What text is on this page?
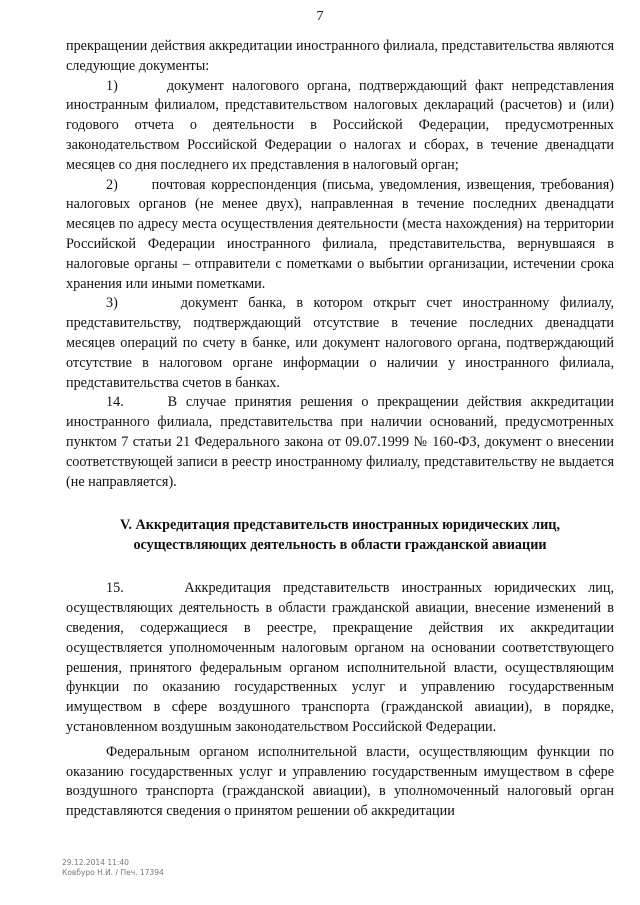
7

прекращении действия аккредитации иностранного филиала, представительства являются следующие документы:

1)      документ налогового органа, подтверждающий факт непредставления иностранным филиалом, представительством налоговых деклараций (расчетов) и (или) годового отчета о деятельности в Российской Федерации, предусмотренных законодательством Российской Федерации о налогах и сборах, в течение двенадцати месяцев со дня последнего их представления в налоговый орган;

2)      почтовая корреспонденция (письма, уведомления, извещения, требования) налоговых органов (не менее двух), направленная в течение последних двенадцати месяцев по адресу места осуществления деятельности (места нахождения) на территории Российской Федерации иностранного филиала, представительства, вернувшаяся в налоговые органы – отправители с пометками о выбытии организации, истечении срока хранения или иными пометками.

3)      документ банка, в котором открыт счет иностранному филиалу, представительству, подтверждающий отсутствие в течение последних двенадцати месяцев операций по счету в банке, или документ налогового органа, подтверждающий отсутствие в налоговом органе информации о наличии у иностранного филиала, представительства счетов в банках.

14.     В случае принятия решения о прекращении действия аккредитации иностранного филиала, представительства при наличии оснований, предусмотренных пунктом 7 статьи 21 Федерального закона от 09.07.1999 № 160-ФЗ, документ о внесении соответствующей записи в реестр иностранному филиалу, представительству не выдается (не направляется).

V. Аккредитация представительств иностранных юридических лиц, осуществляющих деятельность в области гражданской авиации

15.     Аккредитация представительств иностранных юридических лиц, осуществляющих деятельность в области гражданской авиации, внесение изменений в сведения, содержащиеся в реестре, прекращение действия их аккредитации осуществляется уполномоченным налоговым органом на основании соответствующего решения, принятого федеральным органом исполнительной власти, осуществляющим функции по оказанию государственных услуг и управлению государственным имуществом в сфере воздушного транспорта (гражданской авиации), в порядке, установленном воздушным законодательством Российской Федерации.

Федеральным органом исполнительной власти, осуществляющим функции по оказанию государственных услуг и управлению государственным имуществом в сфере воздушного транспорта (гражданской авиации), в уполномоченный налоговый орган представляются сведения о принятом решении об аккредитации

29.12.2014 11:40
Ковбуро Н.И. / Печ. 17394
